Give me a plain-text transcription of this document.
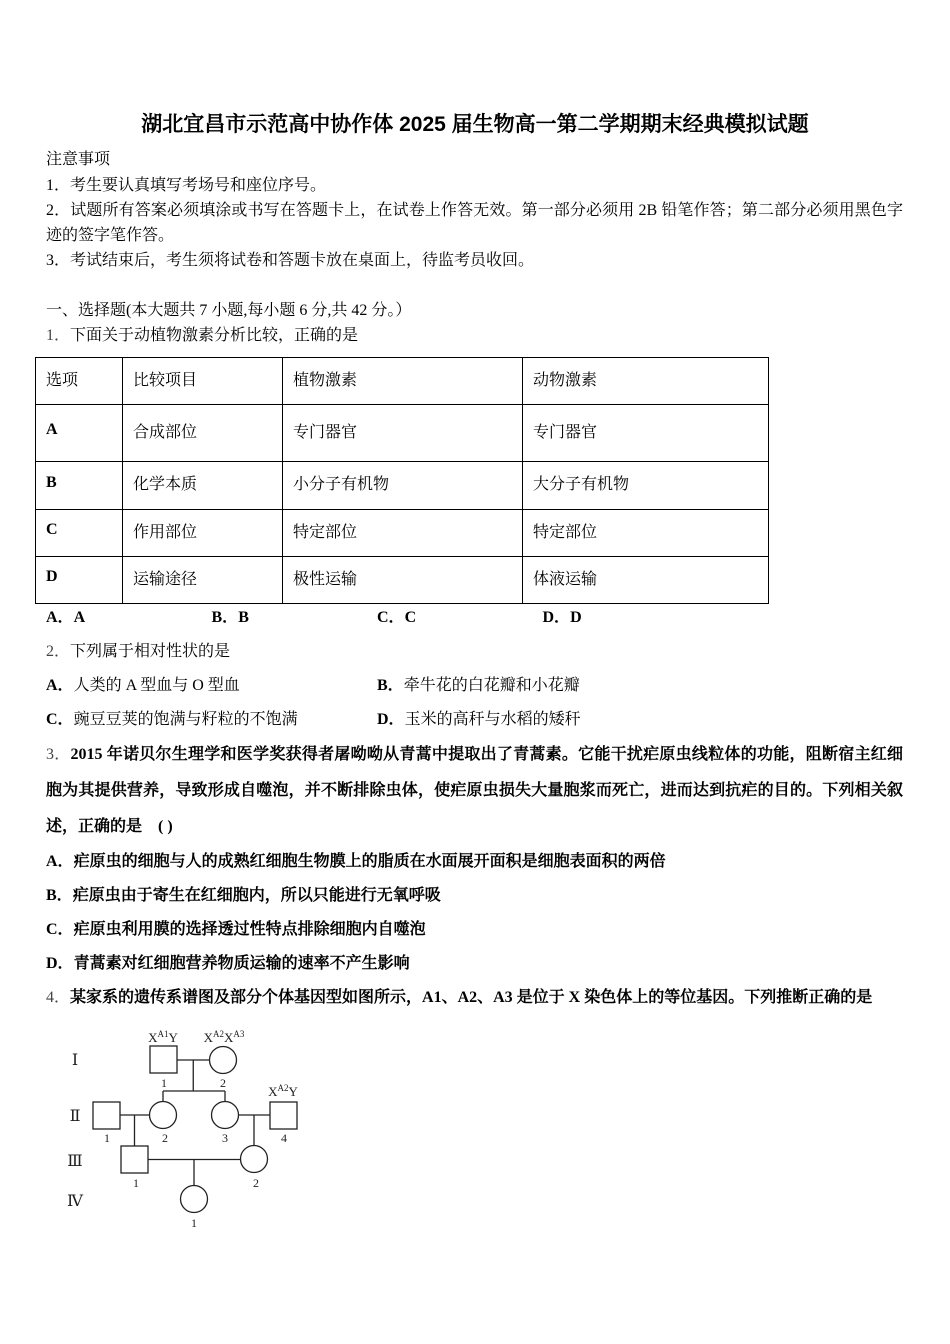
湖北宜昌市示范高中协作体 2025 届生物高一第二学期期末经典模拟试题
注意事项
1．考生要认真填写考场号和座位序号。
2．试题所有答案必须填涂或书写在答题卡上，在试卷上作答无效。第一部分必须用 2B 铅笔作答；第二部分必须用黑色字迹的签字笔作答。
3．考试结束后，考生须将试卷和答题卡放在桌面上，待监考员收回。
一、选择题(本大题共 7 小题,每小题 6 分,共 42 分。）
1．下面关于动植物激素分析比较，正确的是
选项	比较项目	植物激素	动物激素
A	合成部位	专门器官	专门器官
B	化学本质	小分子有机物	大分子有机物
C	作用部位	特定部位	特定部位
D	运输途径	极性运输	体液运输
A．A	B．B	C．C	D．D
2．下列属于相对性状的是
A．人类的 A 型血与 O 型血	B．牵牛花的白花瓣和小花瓣
C．豌豆豆荚的饱满与籽粒的不饱满	D．玉米的高秆与水稻的矮秆
3．2015 年诺贝尔生理学和医学奖获得者屠呦呦从青蒿中提取出了青蒿素。它能干扰疟原虫线粒体的功能，阻断宿主红细胞为其提供营养，导致形成自噬泡，并不断排除虫体，使疟原虫损失大量胞浆而死亡，进而达到抗疟的目的。下列相关叙述，正确的是　( )
A．疟原虫的细胞与人的成熟红细胞生物膜上的脂质在水面展开面积是细胞表面积的两倍
B．疟原虫由于寄生在红细胞内，所以只能进行无氧呼吸
C．疟原虫利用膜的选择透过性特点排除细胞内自噬泡
D．青蒿素对红细胞营养物质运输的速率不产生影响
4．某家系的遗传系谱图及部分个体基因型如图所示，A1、A2、A3 是位于 X 染色体上的等位基因。下列推断正确的是
Ⅰ
Ⅱ
Ⅲ
Ⅳ
1	2
1	2	3	4
1	2
1
$X^{A1}Y$ $X^{A2}X^{A3}$
$X^{A2}Y$
